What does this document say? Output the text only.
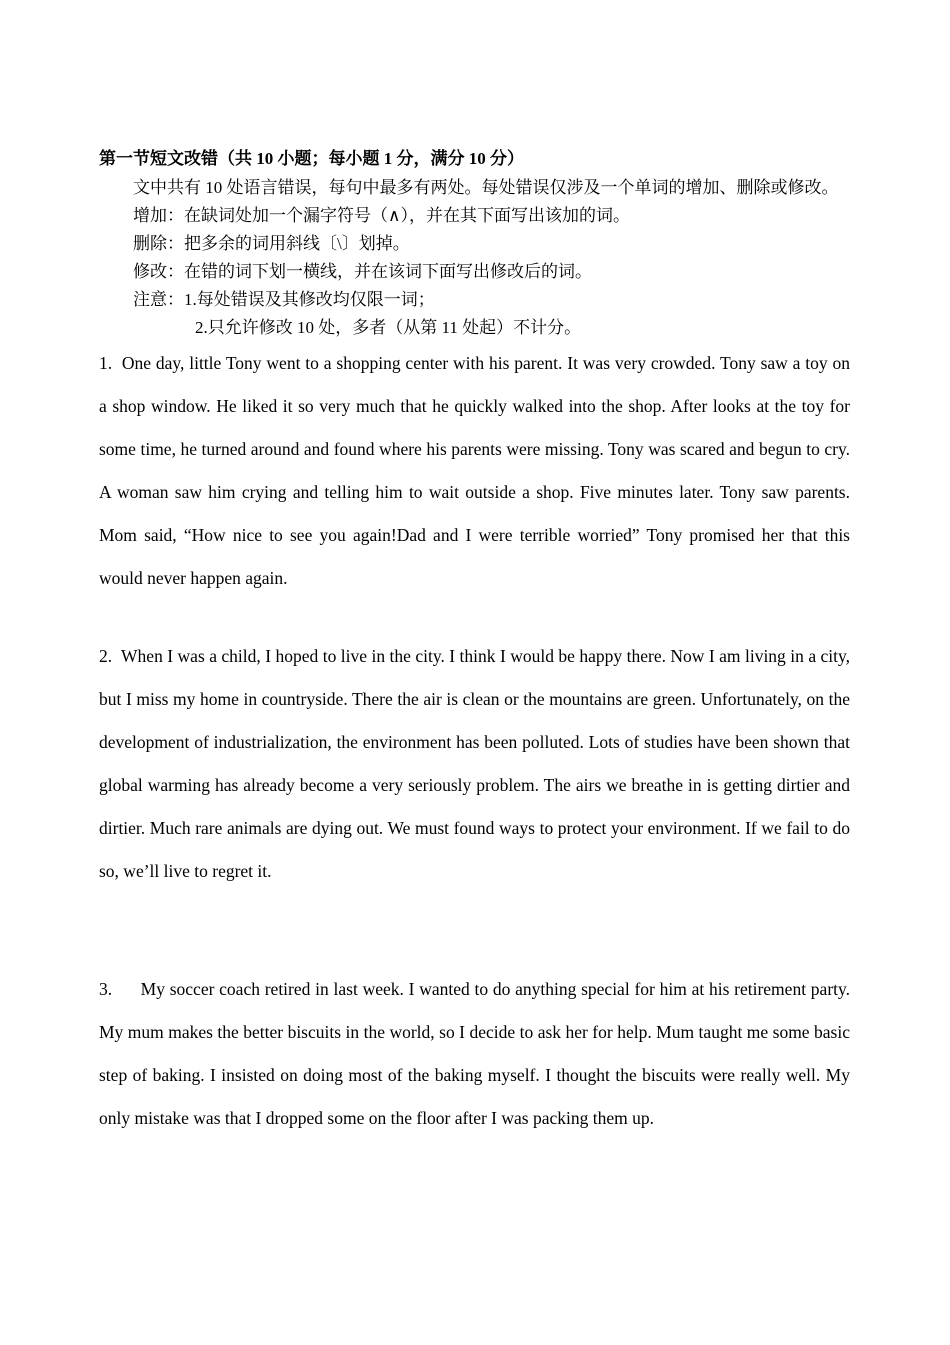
第一节短文改错（共 10 小题；每小题 1 分，满分 10 分）

文中共有 10 处语言错误，每句中最多有两处。每处错误仅涉及一个单词的增加、删除或修改。

增加：在缺词处加一个漏字符号（∧），并在其下面写出该加的词。
删除：把多余的词用斜线〔\〕划掉。
修改：在错的词下划一横线，并在该词下面写出修改后的词。
注意：1.每处错误及其修改均仅限一词；
2.只允许修改 10 处，多者（从第 11 处起）不计分。

1. One day, little Tony went to a shopping center with his parent. It was very crowded. Tony saw a toy on a shop window. He liked it so very much that he quickly walked into the shop. After looks at the toy for some time, he turned around and found where his parents were missing. Tony was scared and begun to cry. A woman saw him crying and telling him to wait outside a shop. Five minutes later. Tony saw parents. Mom said, “How nice to see you again!Dad and I were terrible worried” Tony promised her that this would never happen again.

2. When I was a child, I hoped to live in the city. I think I would be happy there. Now I am living in a city, but I miss my home in countryside. There the air is clean or the mountains are green. Unfortunately, on the development of industrialization, the environment has been polluted. Lots of studies have been shown that global warming has already become a very seriously problem. The airs we breathe in is getting dirtier and dirtier. Much rare animals are dying out. We must found ways to protect your environment. If we fail to do so, we’ll live to regret it.

3. My soccer coach retired in last week. I wanted to do anything special for him at his retirement party. My mum makes the better biscuits in the world, so I decide to ask her for help. Mum taught me some basic step of baking. I insisted on doing most of the baking myself. I thought the biscuits were really well. My only mistake was that I dropped some on the floor after I was packing them up.
